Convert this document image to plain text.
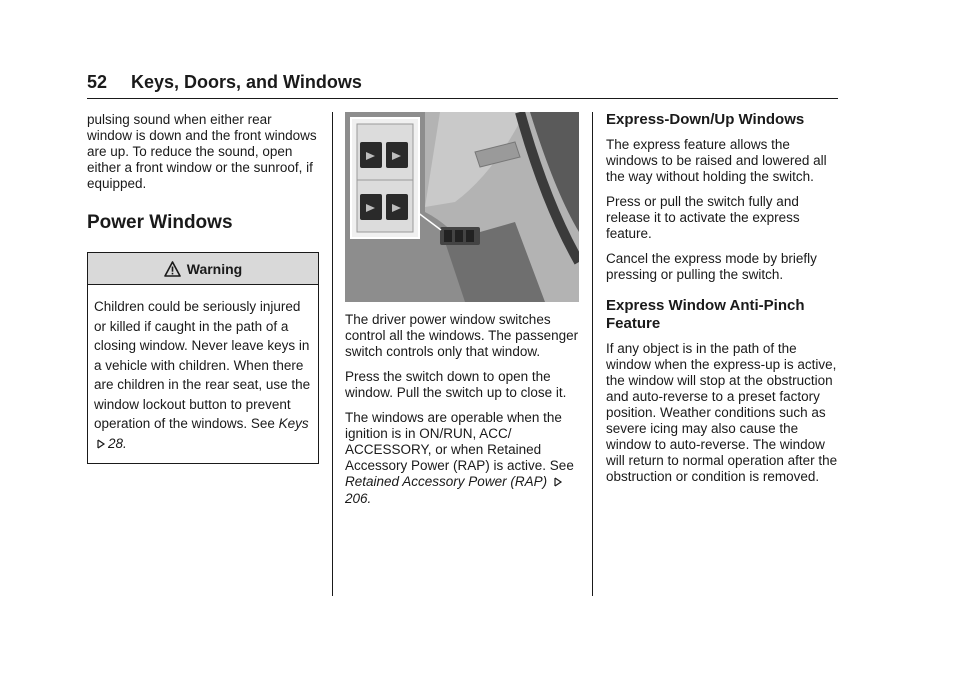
52 Keys, Doors, and Windows

pulsing sound when either rear window is down and the front windows are up. To reduce the sound, open either a front window or the sunroof, if equipped.

Power Windows
Warning
Children could be seriously injured or killed if caught in the path of a closing window. Never leave keys in a vehicle with children. When there are children in the rear seat, use the window lockout button to prevent operation of the windows. See Keys 28.

The driver power window switches control all the windows. The passenger switch controls only that window.

Press the switch down to open the window. Pull the switch up to close it.

The windows are operable when the ignition is in ON/RUN, ACC/ ACCESSORY, or when Retained Accessory Power (RAP) is active. See Retained Accessory Power (RAP) 206.

Express-Down/Up Windows

The express feature allows the windows to be raised and lowered all the way without holding the switch.

Press or pull the switch fully and release it to activate the express feature.

Cancel the express mode by briefly pressing or pulling the switch.

Express Window Anti-Pinch Feature

If any object is in the path of the window when the express-up is active, the window will stop at the obstruction and auto-reverse to a preset factory position. Weather conditions such as severe icing may also cause the window to auto-reverse. The window will return to normal operation after the obstruction or condition is removed.
